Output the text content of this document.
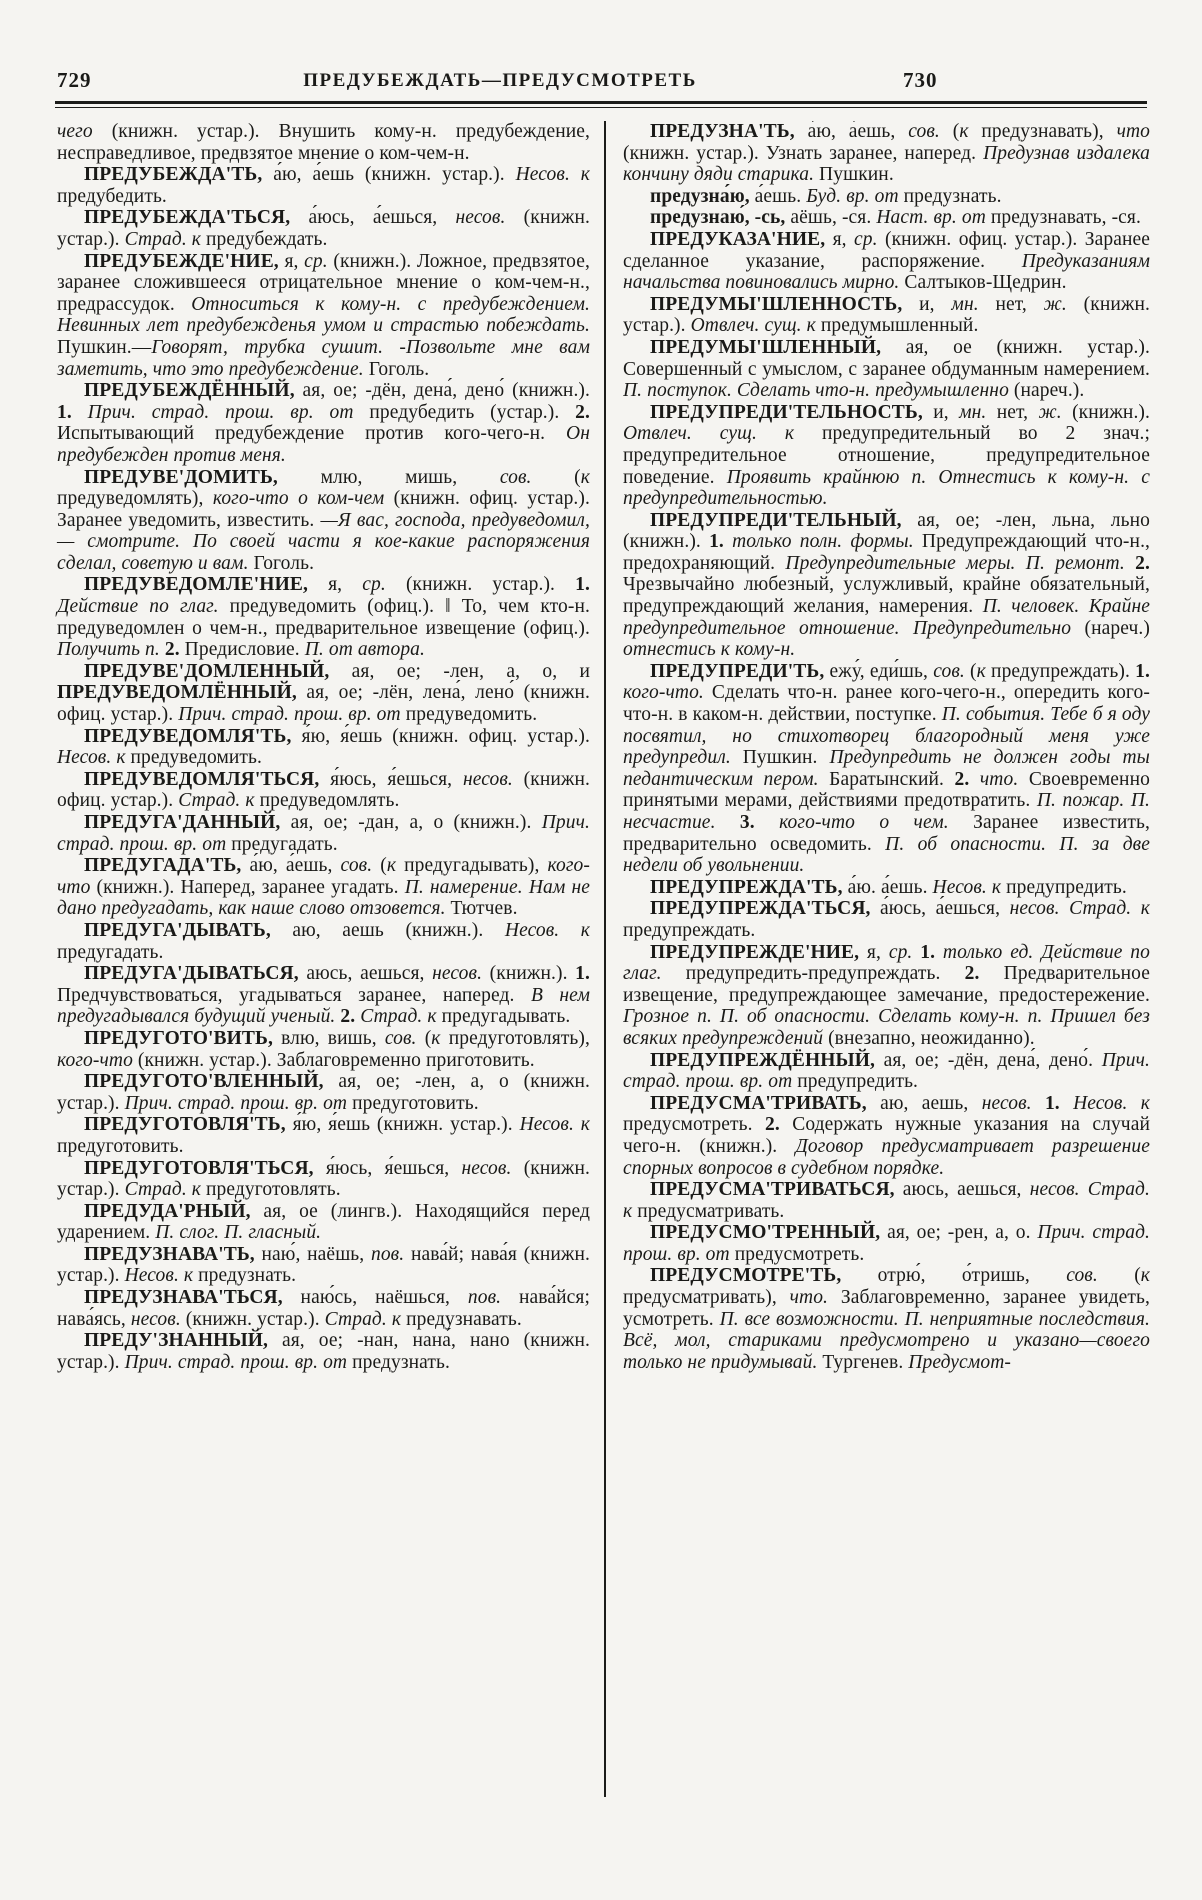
729	ПРЕДУБЕЖДАТЬ—ПРЕДУСМОТРЕТЬ	730

чего (книжн. устар.). Внушить кому-н. предубеждение, несправедливое, предвзятое мнение о ком-чем-н.

ПРЕДУБЕЖДА'ТЬ, а́ю, а́ешь (книжн. устар.). Несов. к предубедить.

ПРЕДУБЕЖДА'ТЬСЯ, а́юсь, а́ешься, несов. (книжн. устар.). Страд. к предубеждать.

ПРЕДУБЕЖДЕ'НИЕ, я, ср. (книжн.). Ложное, предвзятое, заранее сложившееся отрицательное мнение о ком-чем-н., предрассудок. Относиться к кому-н. с предубеждением. Невинных лет предубежденья умом и страстью побеждать. Пушкин.—Говорят, трубка сушит. -Позвольте мне вам заметить, что это предубеждение. Гоголь.

ПРЕДУБЕЖДЁННЫЙ, ая, ое; -дён, дена́, дено́ (книжн.). 1. Прич. страд. прош. вр. от предубедить (устар.). 2. Испытывающий предубеждение против кого-чего-н. Он предубежден против меня.

ПРЕДУВЕ'ДОМИТЬ, млю, мишь, сов. (к предуведомлять), кого-что о ком-чем (книжн. офиц. устар.). Заранее уведомить, известить. —Я вас, господа, предуведомил, — смотрите. По своей части я кое-какие распоряжения сделал, советую и вам. Гоголь.

ПРЕДУВЕДОМЛЕ'НИЕ, я, ср. (книжн. устар.). 1. Действие по глаг. предуведомить (офиц.). ‖ То, чем кто-н. предуведомлен о чем-н., предварительное извещение (офиц.). Получить п. 2. Предисловие. П. от автора.

ПРЕДУВЕ'ДОМЛЕННЫЙ, ая, ое; -лен, а, о, и ПРЕДУВЕДОМЛЁННЫЙ, ая, ое; -лён, лена́, лено́ (книжн. офиц. устар.). Прич. страд. прош. вр. от предуведомить.

ПРЕДУВЕДОМЛЯ'ТЬ, я́ю, я́ешь (книжн. офиц. устар.). Несов. к предуведомить.

ПРЕДУВЕДОМЛЯ'ТЬСЯ, я́юсь, я́ешься, несов. (книжн. офиц. устар.). Страд. к предуведомлять.

ПРЕДУГА'ДАННЫЙ, ая, ое; -дан, а, о (книжн.). Прич. страд. прош. вр. от предугадать.

ПРЕДУГАДА'ТЬ, а́ю, а́ешь, сов. (к предугадывать), кого-что (книжн.). Наперед, заранее угадать. П. намерение. Нам не дано предугадать, как наше слово отзовется. Тютчев.

ПРЕДУГА'ДЫВАТЬ, аю, аешь (книжн.). Несов. к предугадать.

ПРЕДУГА'ДЫВАТЬСЯ, аюсь, аешься, несов. (книжн.). 1. Предчувствоваться, угадываться заранее, наперед. В нем предугадывался будущий ученый. 2. Страд. к предугадывать.

ПРЕДУГОТО'ВИТЬ, влю, вишь, сов. (к предуготовлять), кого-что (книжн. устар.). Заблаговременно приготовить.

ПРЕДУГОТО'ВЛЕННЫЙ, ая, ое; -лен, а, о (книжн. устар.). Прич. страд. прош. вр. от предуготовить.

ПРЕДУГОТОВЛЯ'ТЬ, я́ю, я́ешь (книжн. устар.). Несов. к предуготовить.

ПРЕДУГОТОВЛЯ'ТЬСЯ, я́юсь, я́ешься, несов. (книжн. устар.). Страд. к предуготовлять.

ПРЕДУДА'РНЫЙ, ая, ое (лингв.). Находящийся перед ударением. П. слог. П. гласный.

ПРЕДУЗНАВА'ТЬ, наю́, наёшь, пов. нава́й; нава́я (книжн. устар.). Несов. к предузнать.

ПРЕДУЗНАВА'ТЬСЯ, наю́сь, наёшься, пов. нава́йся; нава́ясь, несов. (книжн. устар.). Страд. к предузнавать.

ПРЕДУ'ЗНАННЫЙ, ая, ое; -нан, нана́, нано (книжн. устар.). Прич. страд. прош. вр. от предузнать.

ПРЕДУЗНА'ТЬ, а́ю, а́ешь, сов. (к предузнавать), что (книжн. устар.). Узнать заранее, наперед. Предузнав издалека кончину дяди старика. Пушкин.

предузна́ю, а́ешь. Буд. вр. от предузнать.

предузнаю́, -сь, аёшь, -ся. Наст. вр. от предузнавать, -ся.

ПРЕДУКАЗА'НИЕ, я, ср. (книжн. офиц. устар.). Заранее сделанное указание, распоряжение. Предуказаниям начальства повиновались мирно. Салтыков-Щедрин.

ПРЕДУМЫ'ШЛЕННОСТЬ, и, мн. нет, ж. (книжн. устар.). Отвлеч. сущ. к предумышленный.

ПРЕДУМЫ'ШЛЕННЫЙ, ая, ое (книжн. устар.). Совершенный с умыслом, с заранее обдуманным намерением. П. поступок. Сделать что-н. предумышленно (нареч.).

ПРЕДУПРЕДИ'ТЕЛЬНОСТЬ, и, мн. нет, ж. (книжн.). Отвлеч. сущ. к предупредительный во 2 знач.; предупредительное отношение, предупредительное поведение. Проявить крайнюю п. Отнестись к кому-н. с предупредительностью.

ПРЕДУПРЕДИ'ТЕЛЬНЫЙ, ая, ое; -лен, льна, льно (книжн.). 1. только полн. формы. Предупреждающий что-н., предохраняющий. Предупредительные меры. П. ремонт. 2. Чрезвычайно любезный, услужливый, крайне обязательный, предупреждающий желания, намерения. П. человек. Крайне предупредительное отношение. Предупредительно (нареч.) отнестись к кому-н.

ПРЕДУПРЕДИ'ТЬ, ежу́, еди́шь, сов. (к предупреждать). 1. кого-что. Сделать что-н. ранее кого-чего-н., опередить кого-что-н. в каком-н. действии, поступке. П. события. Тебе б я оду посвятил, но стихотворец благородный меня уже предупредил. Пушкин. Предупредить не должен годы ты педантическим пером. Баратынский. 2. что. Своевременно принятыми мерами, действиями предотвратить. П. пожар. П. несчастие. 3. кого-что о чем. Заранее известить, предварительно осведомить. П. об опасности. П. за две недели об увольнении.

ПРЕДУПРЕЖДА'ТЬ, а́ю. а́ешь. Несов. к предупредить.

ПРЕДУПРЕЖДА'ТЬСЯ, а́юсь, а́ешься, несов. Страд. к предупреждать.

ПРЕДУПРЕЖДЕ'НИЕ, я, ср. 1. только ед. Действие по глаг. предупредить-предупреждать. 2. Предварительное извещение, предупреждающее замечание, предостережение. Грозное п. П. об опасности. Сделать кому-н. п. Пришел без всяких предупреждений (внезапно, неожиданно).

ПРЕДУПРЕЖДЁННЫЙ, ая, ое; -дён, дена́, дено́. Прич. страд. прош. вр. от предупредить.

ПРЕДУСМА'ТРИВАТЬ, аю, аешь, несов. 1. Несов. к предусмотреть. 2. Содержать нужные указания на случай чего-н. (книжн.). Договор предусматривает разрешение спорных вопросов в судебном порядке.

ПРЕДУСМА'ТРИВАТЬСЯ, аюсь, аешься, несов. Страд. к предусматривать.

ПРЕДУСМО'ТРЕННЫЙ, ая, ое; -рен, а, о. Прич. страд. прош. вр. от предусмотреть.

ПРЕДУСМОТРЕ'ТЬ, отрю́, о́тришь, сов. (к предусматривать), что. Заблаговременно, заранее увидеть, усмотреть. П. все возможности. П. неприятные последствия. Всё, мол, стариками предусмотрено и указано—своего только не придумывай. Тургенев. Предусмот-
